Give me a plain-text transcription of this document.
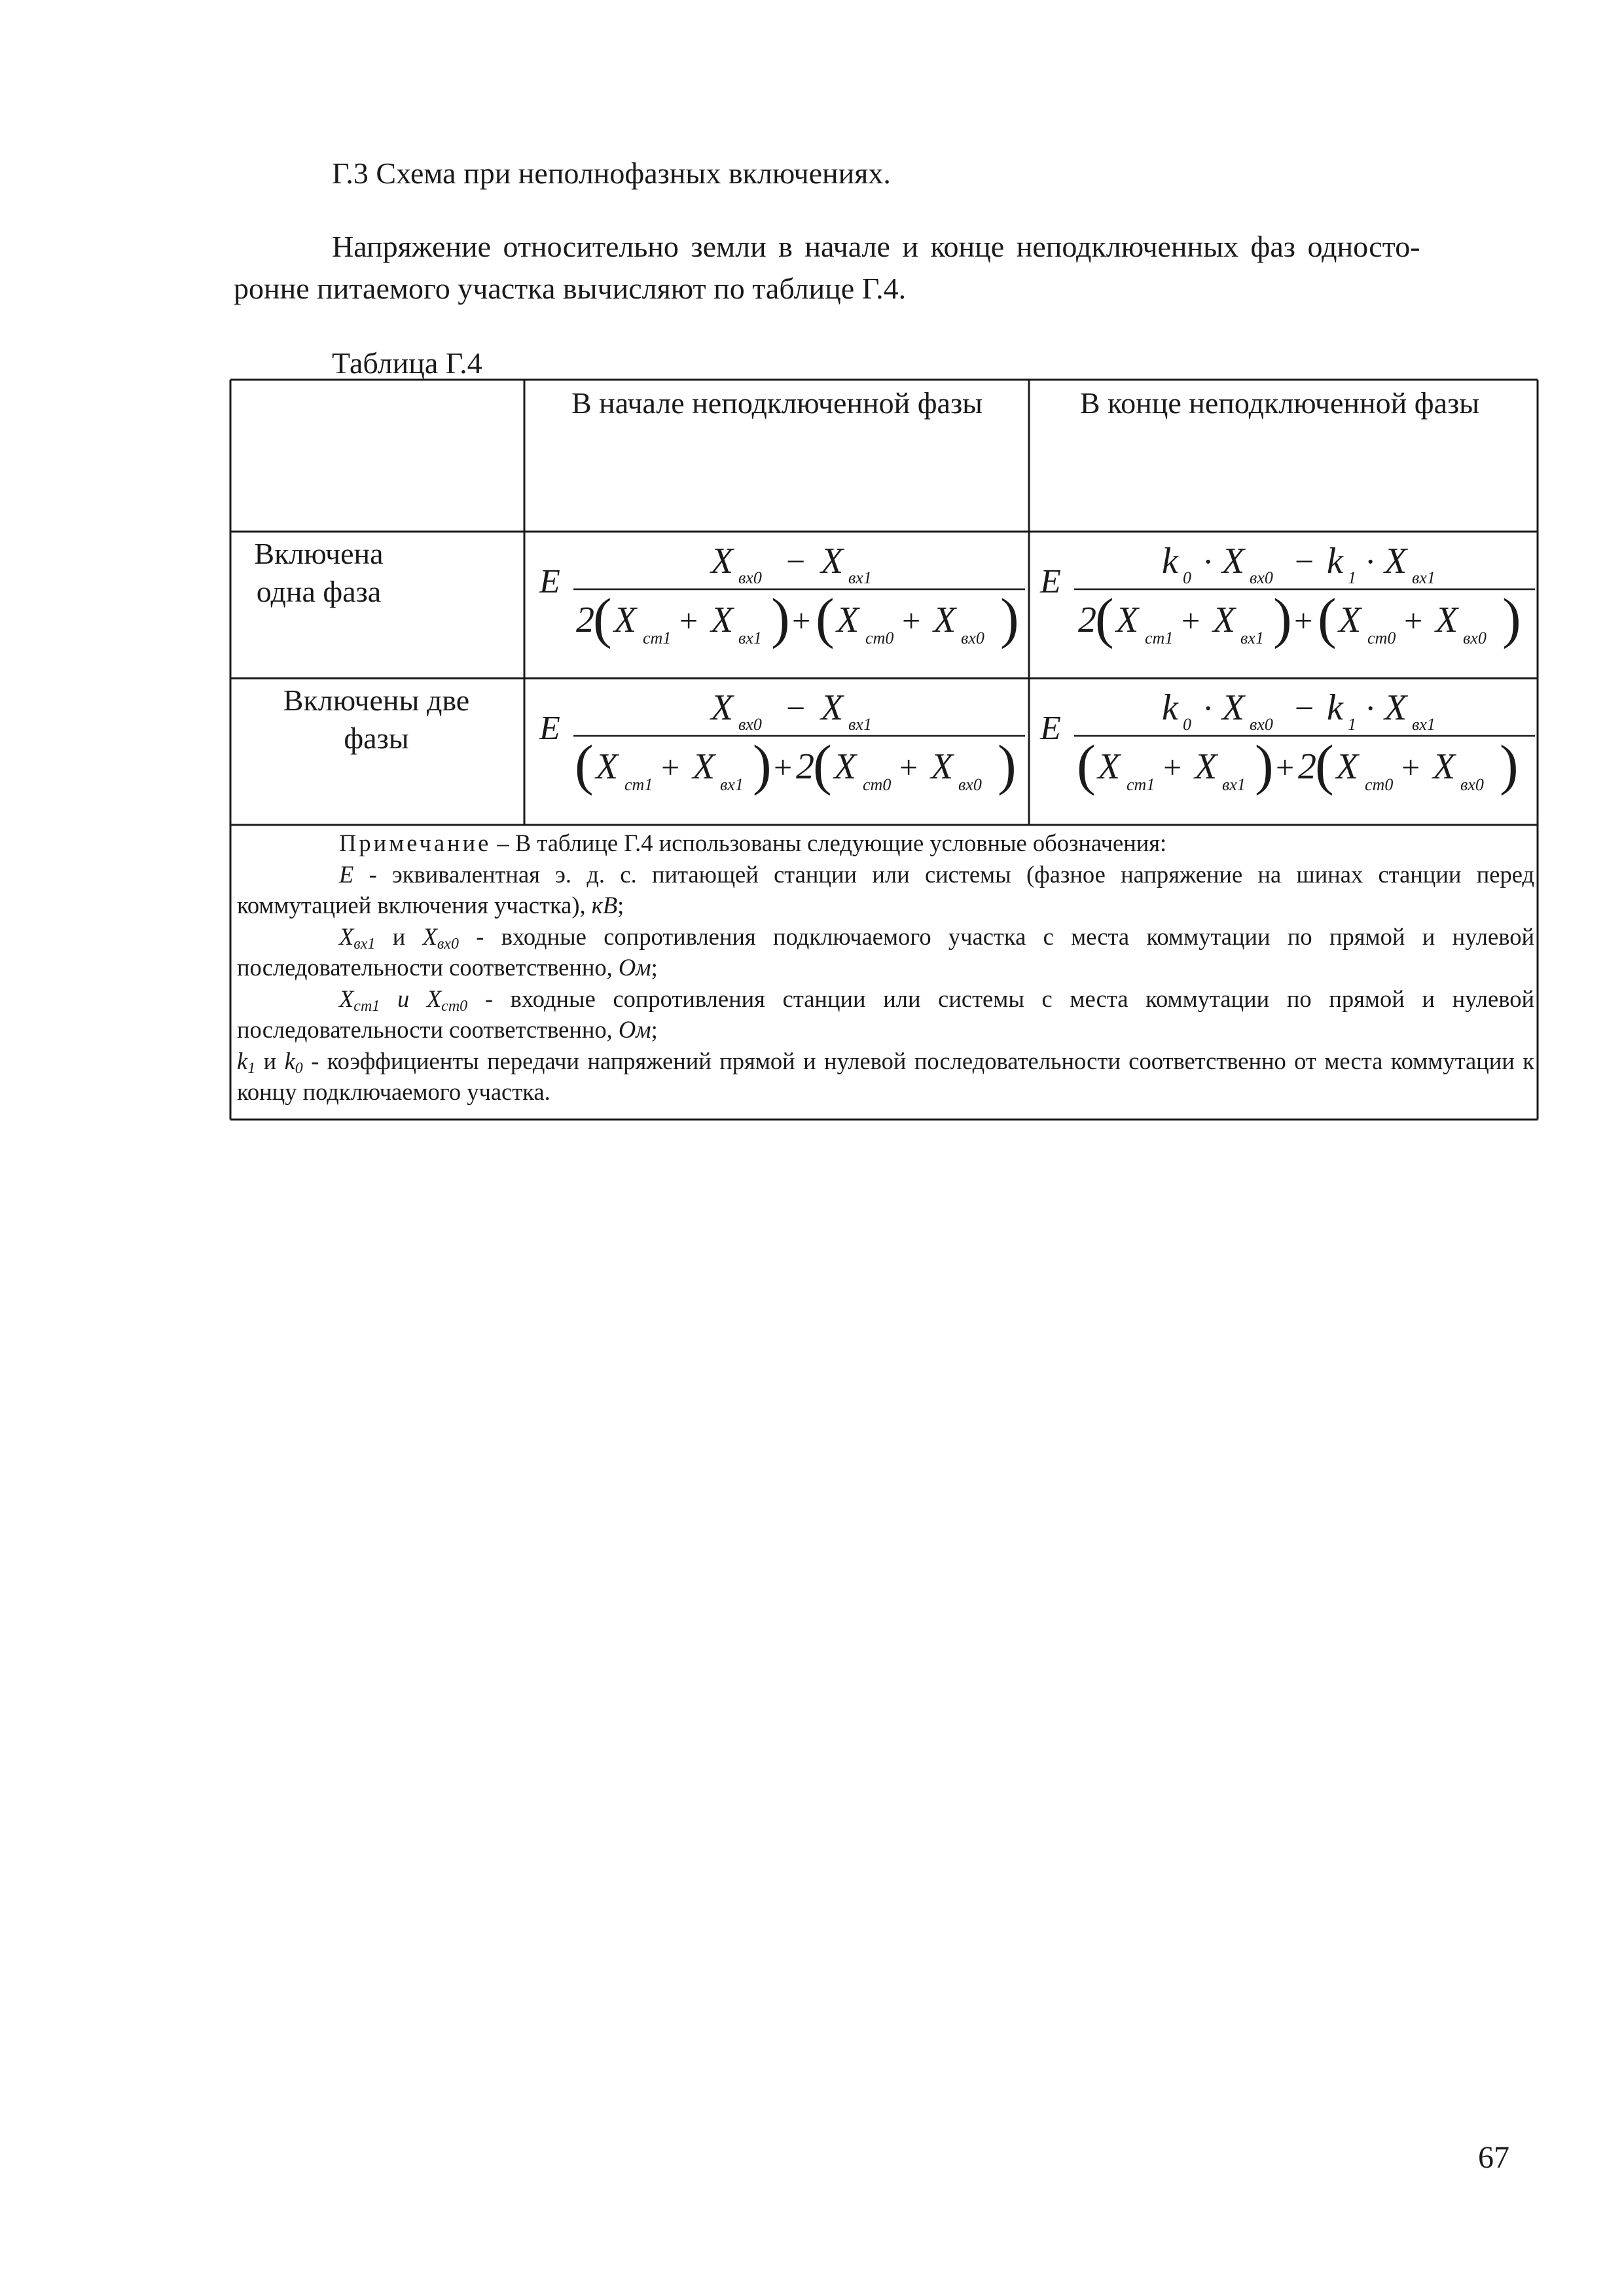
Г.3 Схема при неполнофазных включениях.
Напряжение относительно земли в начале и конце неподключенных фаз односто-
ронне питаемого участка вычисляют по таблице Г.4.
Таблица Г.4
В начале неподключенной фазы	В конце неподключенной фазы
Включена одна фаза
Включены две фазы
E
X вх0 − X вх1
2
( X ст1 + X вх1 ) + ( X ст0 + X вх0 )
E
k 0 · X вх0 − k 1 · X вх1
2
( X ст1 + X вх1 ) + ( X ст0 + X вх0 )
E
X вх0 − X вх1
( X ст1 + X вх1 ) + 2
( X ст0 + X вх0 )
E
k 0 · X вх0 − k 1 · X вх1
( X ст1 + X вх1 ) + 2
( X ст0 + X вх0 )

Примечание – В таблице Г.4 использованы следующие условные обозначения:

E - эквивалентная э. д. с. питающей станции или системы (фазное напряжение на шинах станции перед коммутацией включения участка), кВ;

$X_{вх1}$ и $X_{вх0}$ - входные сопротивления подключаемого участка с места коммутации по прямой и нулевой последовательности соответственно, Ом;

$X_{ст1}$ и $X_{ст0}$ - входные сопротивления станции или системы с места коммутации по прямой и нулевой последовательности соответственно, Ом;

$k_1$ и $k_0$ - коэффициенты передачи напряжений прямой и нулевой последовательности соответственно от места коммутации к концу подключаемого участка.

67
